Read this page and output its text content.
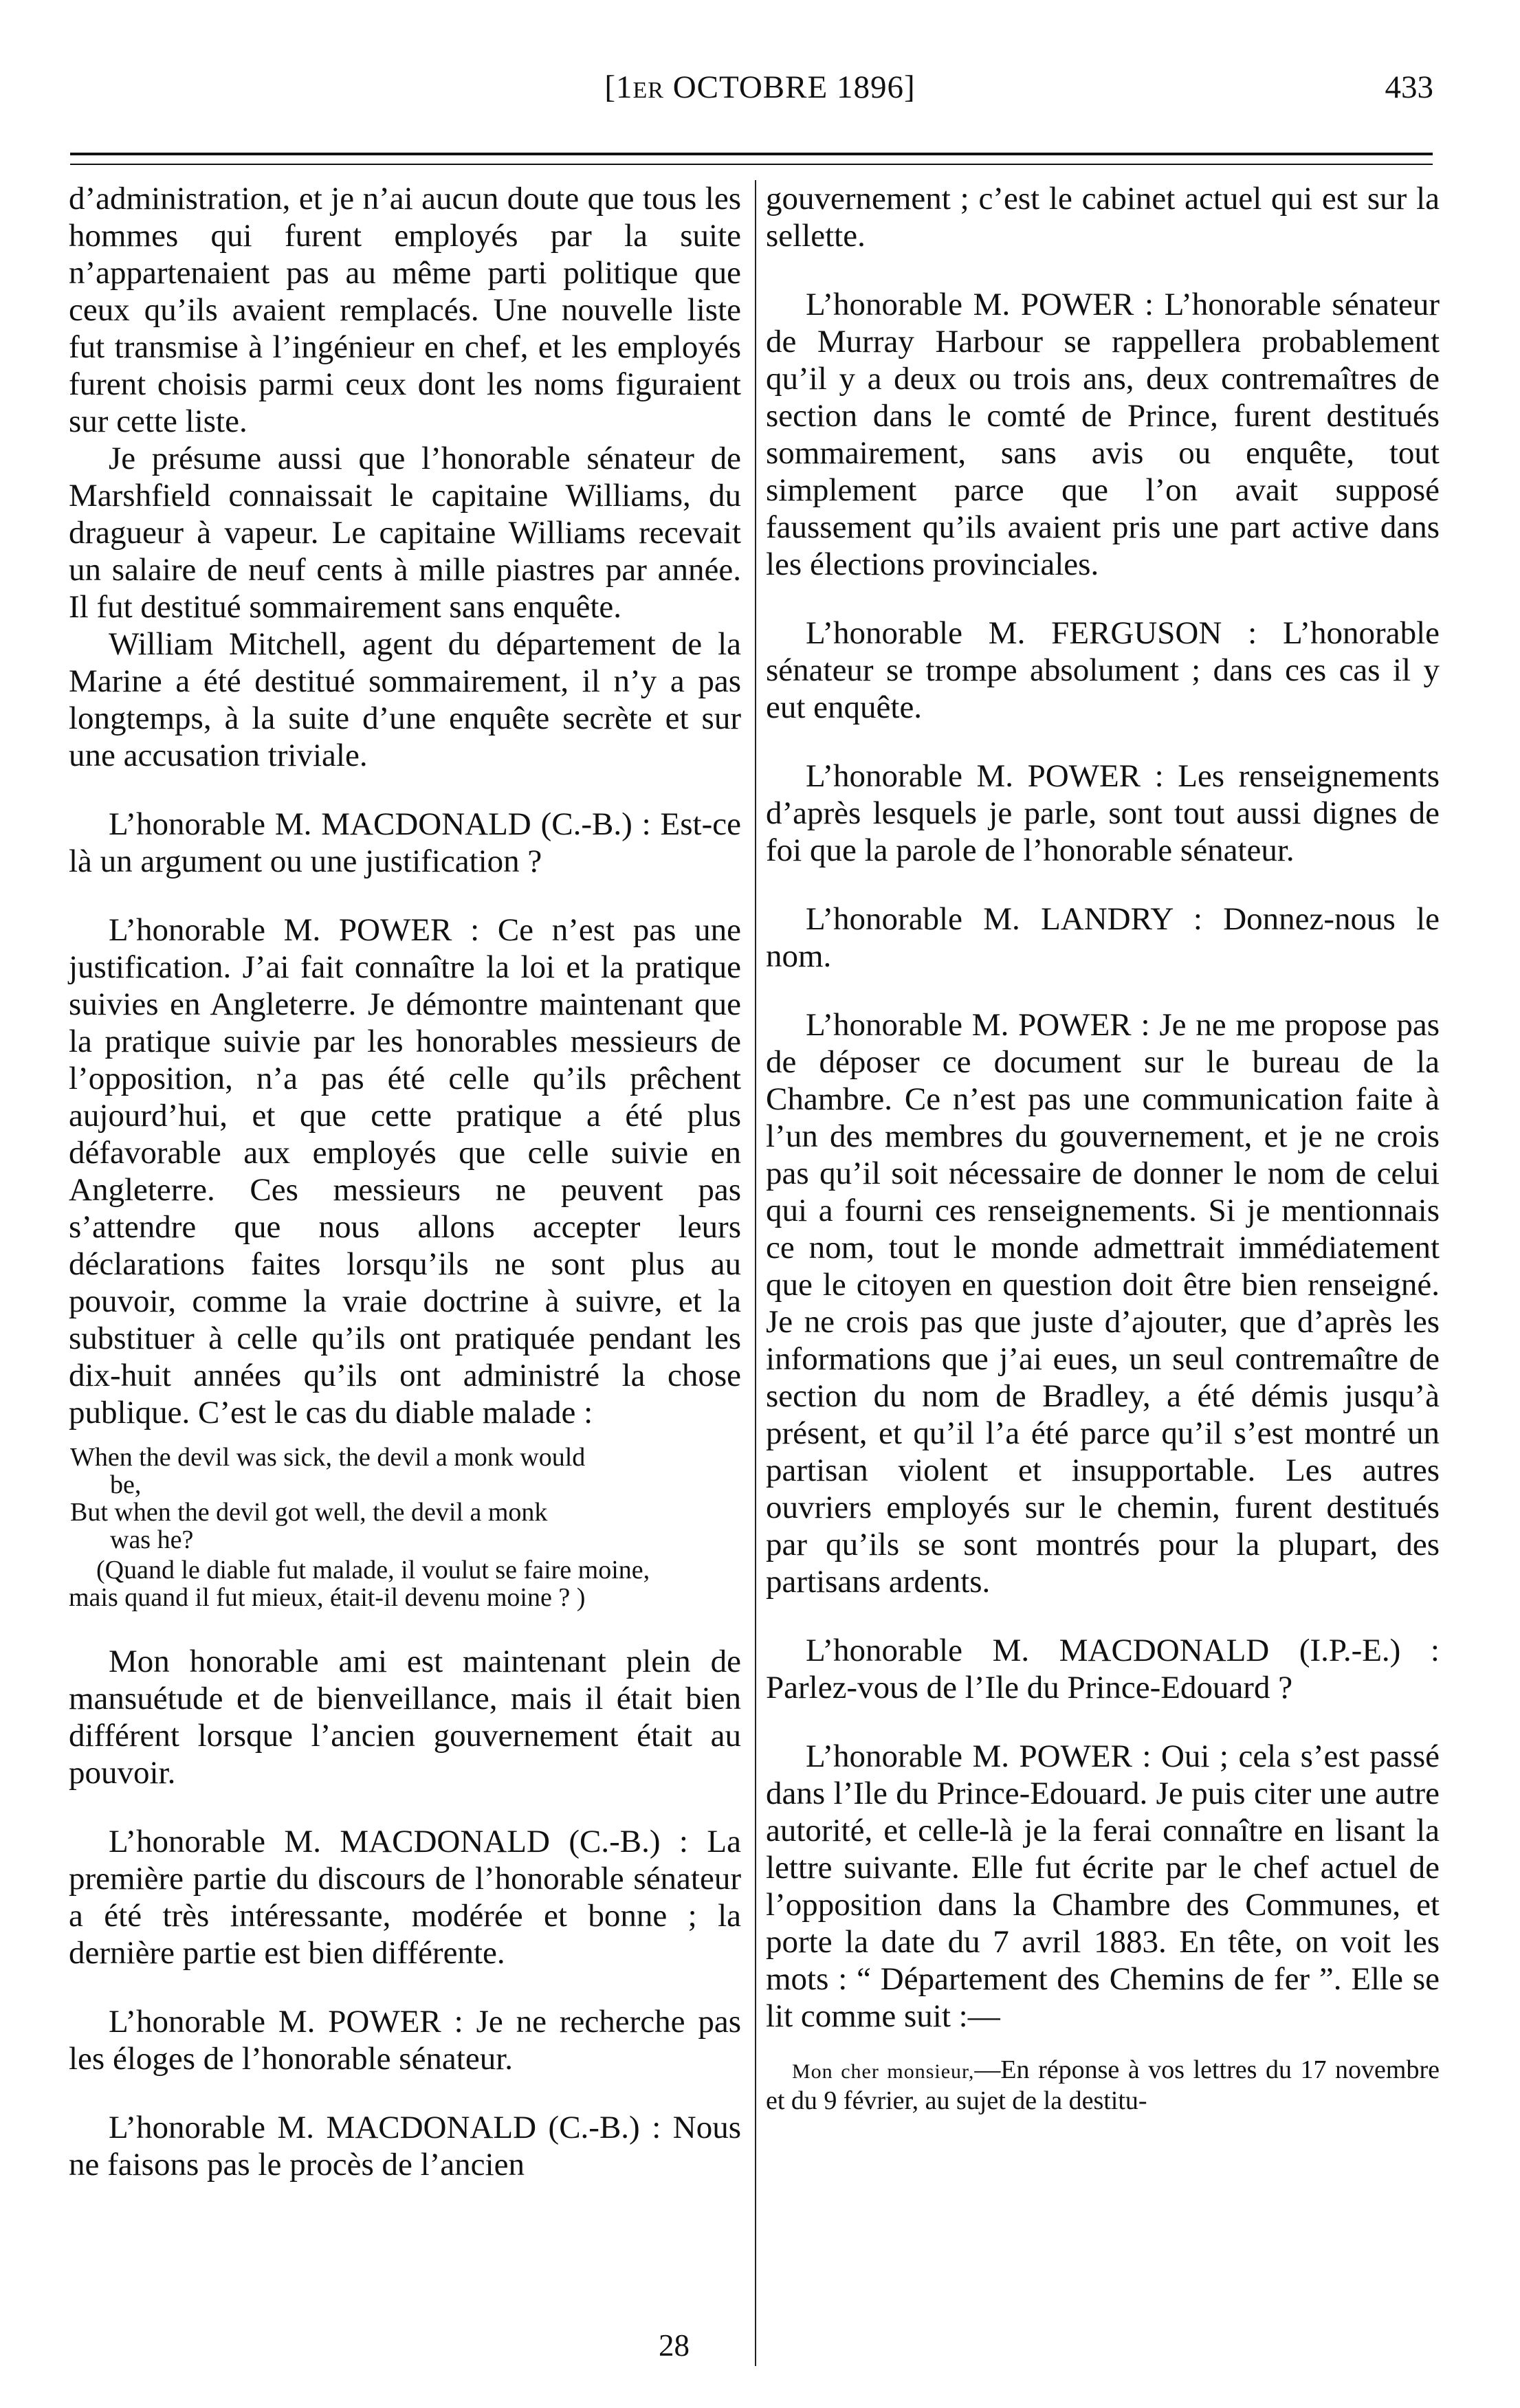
[1ER OCTOBRE 1896]	433

d’administration, et je n’ai aucun doute que tous les hommes qui furent employés par la suite n’appartenaient pas au même parti politique que ceux qu’ils avaient remplacés. Une nouvelle liste fut transmise à l’ingénieur en chef, et les employés furent choisis parmi ceux dont les noms figuraient sur cette liste.

Je présume aussi que l’honorable sénateur de Marshfield connaissait le capitaine Williams, du dragueur à vapeur. Le capitaine Williams recevait un salaire de neuf cents à mille piastres par année. Il fut destitué sommairement sans enquête.

William Mitchell, agent du département de la Marine a été destitué sommairement, il n’y a pas longtemps, à la suite d’une enquête secrète et sur une accusation triviale.

L’honorable M. MACDONALD (C.-B.) : Est-ce là un argument ou une justification ?

L’honorable M. POWER : Ce n’est pas une justification. J’ai fait connaître la loi et la pratique suivies en Angleterre. Je démontre maintenant que la pratique suivie par les honorables messieurs de l’opposition, n’a pas été celle qu’ils prêchent aujourd’hui, et que cette pratique a été plus défavorable aux employés que celle suivie en Angleterre. Ces messieurs ne peuvent pas s’attendre que nous allons accepter leurs déclarations faites lorsqu’ils ne sont plus au pouvoir, comme la vraie doctrine à suivre, et la substituer à celle qu’ils ont pratiquée pendant les dix-huit années qu’ils ont administré la chose publique. C’est le cas du diable malade :

When the devil was sick, the devil a monk would
be,
But when the devil got well, the devil a monk
was he?
(Quand le diable fut malade, il voulut se faire moine,
mais quand il fut mieux, était-il devenu moine ? )

Mon honorable ami est maintenant plein de mansuétude et de bienveillance, mais il était bien différent lorsque l’ancien gouvernement était au pouvoir.

L’honorable M. MACDONALD (C.-B.) : La première partie du discours de l’honorable sénateur a été très intéressante, modérée et bonne ; la dernière partie est bien différente.

L’honorable M. POWER : Je ne recherche pas les éloges de l’honorable sénateur.

L’honorable M. MACDONALD (C.-B.) : Nous ne faisons pas le procès de l’ancien

gouvernement ; c’est le cabinet actuel qui est sur la sellette.

L’honorable M. POWER : L’honorable sénateur de Murray Harbour se rappellera probablement qu’il y a deux ou trois ans, deux contremaîtres de section dans le comté de Prince, furent destitués sommairement, sans avis ou enquête, tout simplement parce que l’on avait supposé faussement qu’ils avaient pris une part active dans les élections provinciales.

L’honorable M. FERGUSON : L’honorable sénateur se trompe absolument ; dans ces cas il y eut enquête.

L’honorable M. POWER : Les renseignements d’après lesquels je parle, sont tout aussi dignes de foi que la parole de l’honorable sénateur.

L’honorable M. LANDRY : Donnez-nous le nom.

L’honorable M. POWER : Je ne me propose pas de déposer ce document sur le bureau de la Chambre. Ce n’est pas une communication faite à l’un des membres du gouvernement, et je ne crois pas qu’il soit nécessaire de donner le nom de celui qui a fourni ces renseignements. Si je mentionnais ce nom, tout le monde admettrait immédiatement que le citoyen en question doit être bien renseigné. Je ne crois pas que juste d’ajouter, que d’après les informations que j’ai eues, un seul contremaître de section du nom de Bradley, a été démis jusqu’à présent, et qu’il l’a été parce qu’il s’est montré un partisan violent et insupportable. Les autres ouvriers employés sur le chemin, furent destitués par qu’ils se sont montrés pour la plupart, des partisans ardents.

L’honorable M. MACDONALD (I.P.-E.) : Parlez-vous de l’Ile du Prince-Edouard ?

L’honorable M. POWER : Oui ; cela s’est passé dans l’Ile du Prince-Edouard. Je puis citer une autre autorité, et celle-là je la ferai connaître en lisant la lettre suivante. Elle fut écrite par le chef actuel de l’opposition dans la Chambre des Communes, et porte la date du 7 avril 1883. En tête, on voit les mots : “ Département des Chemins de fer ”. Elle se lit comme suit :—

Mon cher monsieur,—En réponse à vos lettres du 17 novembre et du 9 février, au sujet de la destitu-
28
